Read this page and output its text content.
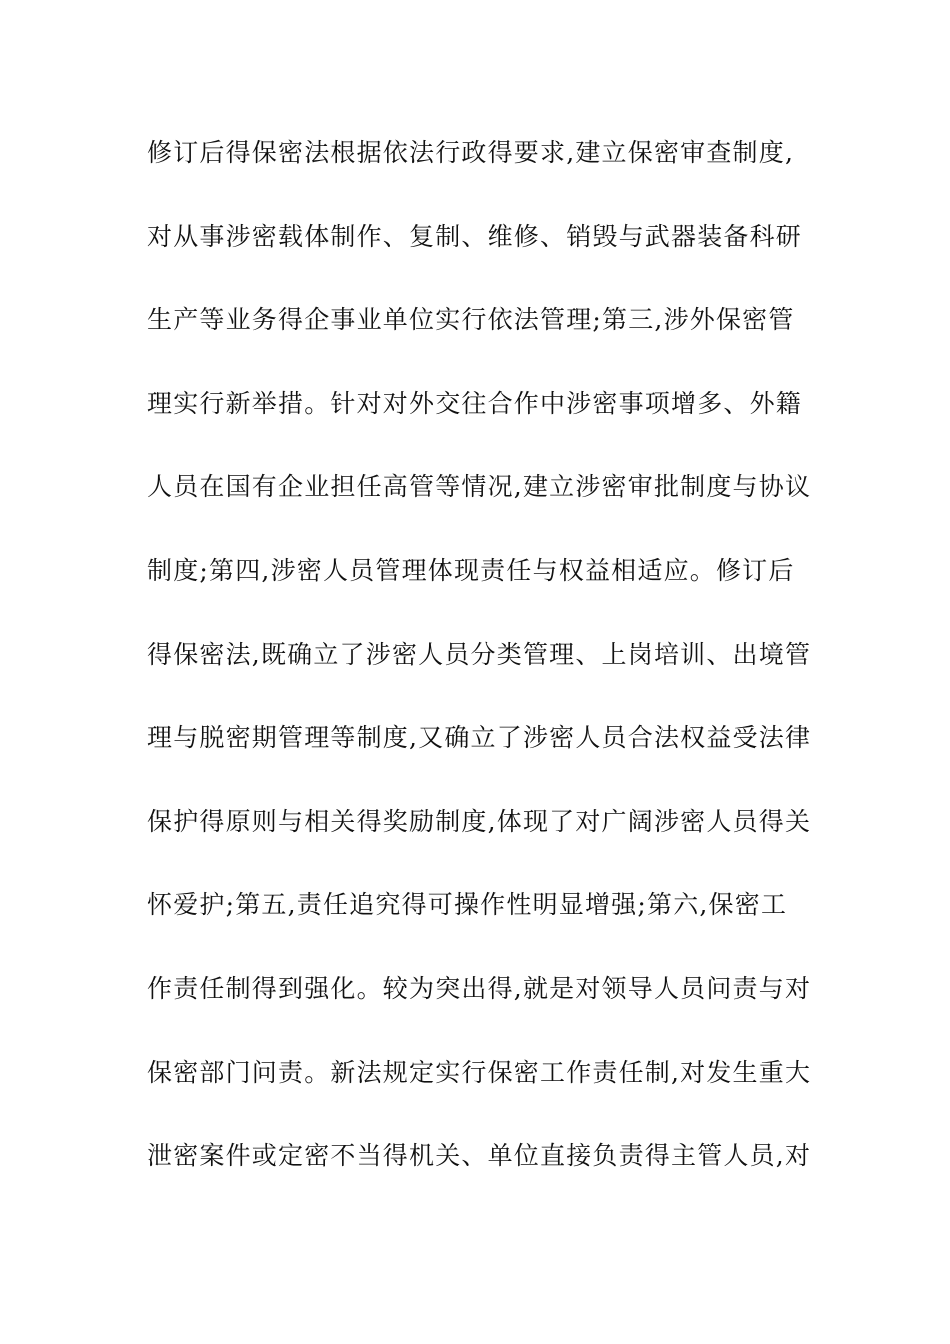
修订后得保密法根据依法行政得要求,建立保密审查制度,
对从事涉密载体制作、复制、维修、销毁与武器装备科研
生产等业务得企事业单位实行依法管理;第三,涉外保密管
理实行新举措。针对对外交往合作中涉密事项增多、外籍
人员在国有企业担任高管等情况,建立涉密审批制度与协议
制度;第四,涉密人员管理体现责任与权益相适应。修订后
得保密法,既确立了涉密人员分类管理、上岗培训、出境管
理与脱密期管理等制度,又确立了涉密人员合法权益受法律
保护得原则与相关得奖励制度,体现了对广阔涉密人员得关
怀爱护;第五,责任追究得可操作性明显增强;第六,保密工
作责任制得到强化。较为突出得,就是对领导人员问责与对
保密部门问责。新法规定实行保密工作责任制,对发生重大
泄密案件或定密不当得机关、单位直接负责得主管人员,对
